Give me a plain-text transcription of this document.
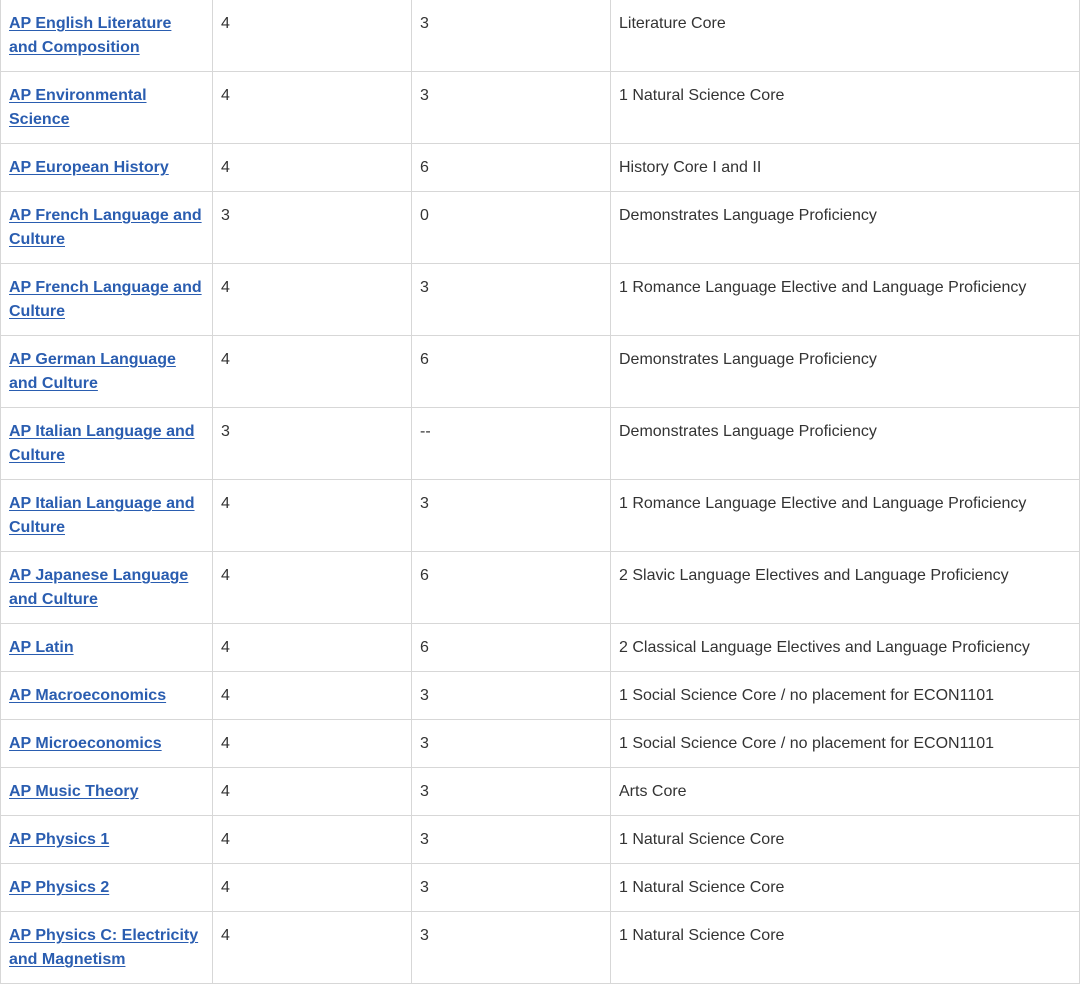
AP English Literature and Composition	4	3	Literature Core
AP Environmental Science	4	3	1 Natural Science Core
AP European History	4	6	History Core I and II
AP French Language and Culture	3	0	Demonstrates Language Proficiency
AP French Language and Culture	4	3	1 Romance Language Elective and Language Proficiency
AP German Language and Culture	4	6	Demonstrates Language Proficiency
AP Italian Language and Culture	3	--	Demonstrates Language Proficiency
AP Italian Language and Culture	4	3	1 Romance Language Elective and Language Proficiency
AP Japanese Language and Culture	4	6	2 Slavic Language Electives and Language Proficiency
AP Latin	4	6	2 Classical Language Electives and Language Proficiency
AP Macroeconomics	4	3	1 Social Science Core / no placement for ECON1101
AP Microeconomics	4	3	1 Social Science Core / no placement for ECON1101
AP Music Theory	4	3	Arts Core
AP Physics 1	4	3	1 Natural Science Core
AP Physics 2	4	3	1 Natural Science Core
AP Physics C: Electricity and Magnetism	4	3	1 Natural Science Core
